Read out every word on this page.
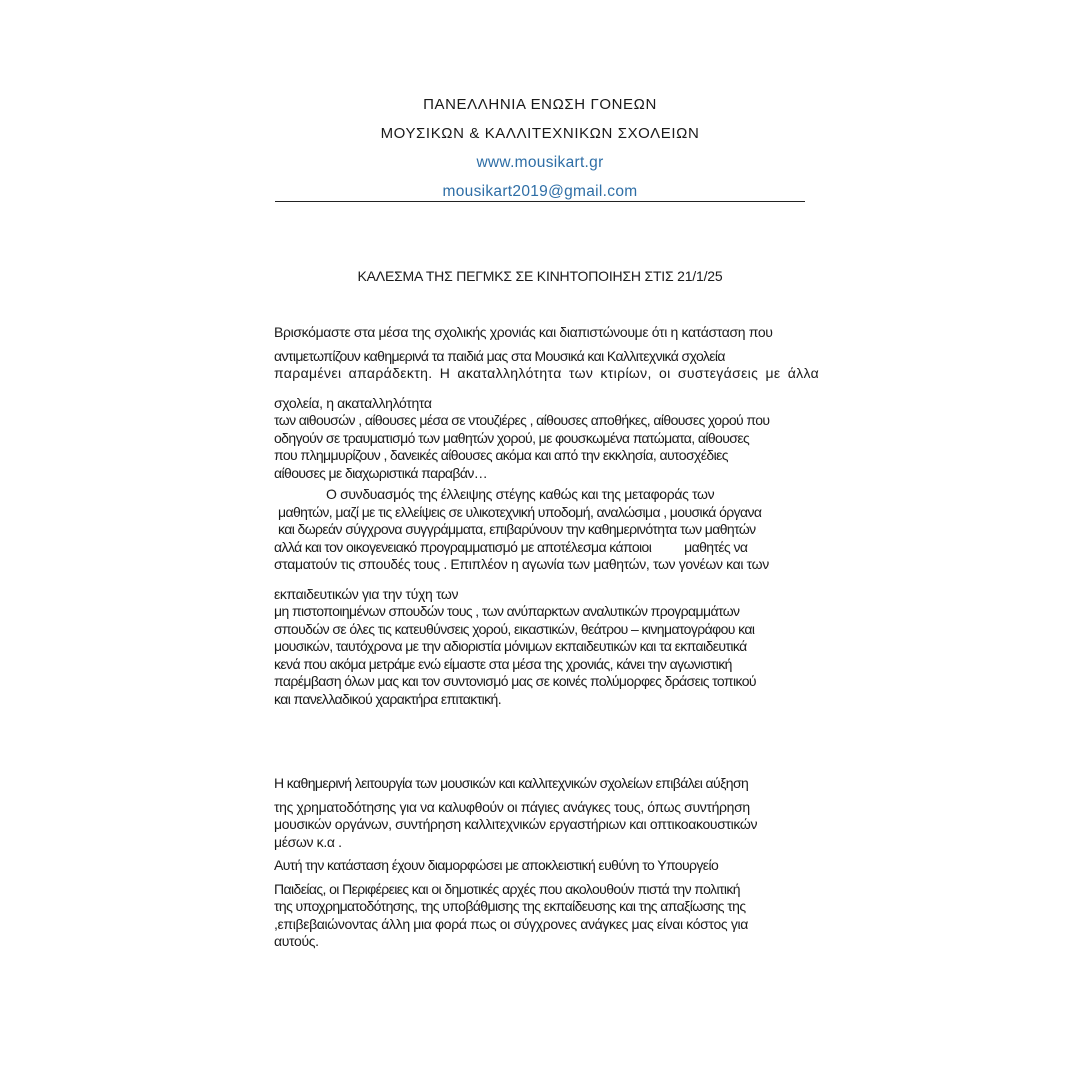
ΠΑΝΕΛΛΗΝΙΑ ΕΝΩΣΗ ΓΟΝΕΩΝ
ΜΟΥΣΙΚΩΝ & ΚΑΛΛΙΤΕΧΝΙΚΩΝ ΣΧΟΛΕΙΩΝ
www.mousikart.gr
mousikart2019@gmail.com
ΚΑΛΕΣΜΑ ΤΗΣ ΠΕΓΜΚΣ ΣΕ ΚΙΝΗΤΟΠΟΙΗΣΗ ΣΤΙΣ 21/1/25
Βρισκόμαστε στα μέσα της σχολικής χρονιάς και διαπιστώνουμε ότι η κατάσταση που
αντιμετωπίζουν καθημερινά τα παιδιά μας στα Μουσικά και Καλλιτεχνικά σχολεία
παραμένει απαράδεκτη. Η ακαταλληλότητα των κτιρίων, οι συστεγάσεις με άλλα
σχολεία, η ακαταλληλότητα
των αιθουσών , αίθουσες μέσα σε ντουζιέρες , αίθουσες αποθήκες, αίθουσες χορού που
οδηγούν σε τραυματισμό των μαθητών χορού, με φουσκωμένα πατώματα, αίθουσες
που πλημμυρίζουν , δανεικές αίθουσες ακόμα και από την εκκλησία, αυτοσχέδιες
αίθουσες με διαχωριστικά παραβάν…
Ο συνδυασμός της έλλειψης στέγης καθώς και της μεταφοράς των
μαθητών, μαζί με τις ελλείψεις σε υλικοτεχνική υποδομή, αναλώσιμα , μουσικά όργανα
και δωρεάν σύγχρονα συγγράμματα, επιβαρύνουν την καθημερινότητα των μαθητών
αλλά και τον οικογενειακό προγραμματισμό με αποτέλεσμα κάποιοι          μαθητές να
σταματούν τις σπουδές τους . Επιπλέον η αγωνία των μαθητών, των γονέων και των
εκπαιδευτικών για την τύχη των
μη πιστοποιημένων σπουδών τους , των ανύπαρκτων αναλυτικών προγραμμάτων
σπουδών σε όλες τις κατευθύνσεις χορού, εικαστικών, θεάτρου – κινηματογράφου και
μουσικών, ταυτόχρονα με την αδιοριστία μόνιμων εκπαιδευτικών και τα εκπαιδευτικά
κενά που ακόμα μετράμε ενώ είμαστε στα μέσα της χρονιάς, κάνει την αγωνιστική
παρέμβαση όλων μας και τον συντονισμό μας σε κοινές πολύμορφες δράσεις τοπικού
και πανελλαδικού χαρακτήρα επιτακτική.
Η καθημερινή λειτουργία των μουσικών και καλλιτεχνικών σχολείων επιβάλει αύξηση
της χρηματοδότησης για να καλυφθούν οι πάγιες ανάγκες τους, όπως συντήρηση
μουσικών οργάνων, συντήρηση καλλιτεχνικών εργαστήριων και οπτικοακουστικών
μέσων κ.α .
Αυτή την κατάσταση έχουν διαμορφώσει με αποκλειστική ευθύνη το Υπουργείο
Παιδείας, οι Περιφέρειες και οι δημοτικές αρχές που ακολουθούν πιστά την πολιτική
της υποχρηματοδότησης, της υποβάθμισης της εκπαίδευσης και της απαξίωσης της
,επιβεβαιώνοντας άλλη μια φορά πως οι σύγχρονες ανάγκες μας είναι κόστος για
αυτούς.
